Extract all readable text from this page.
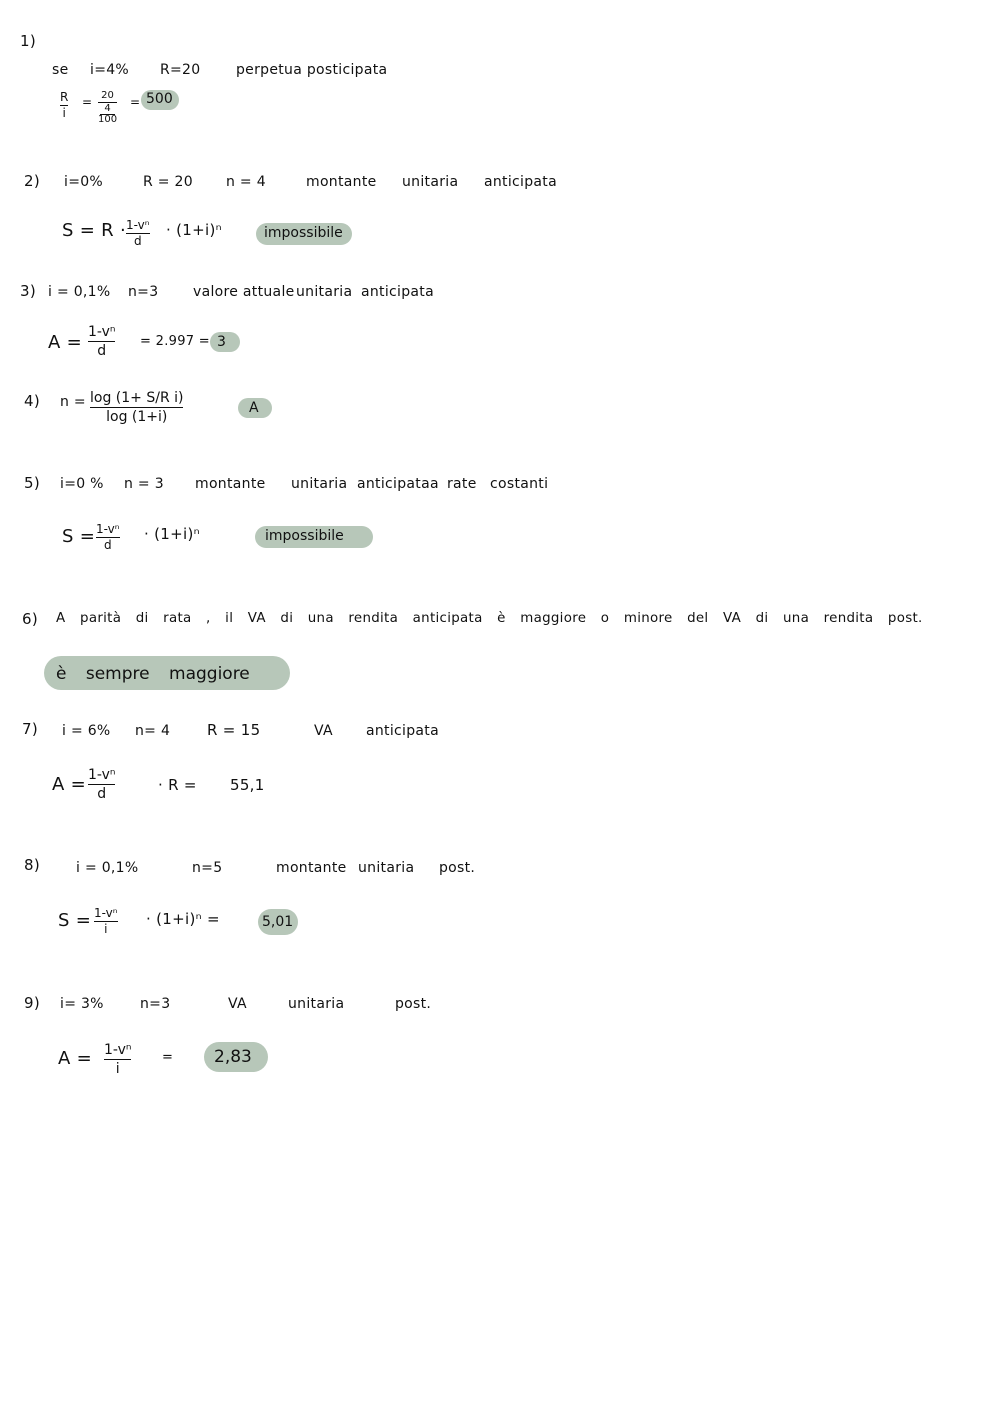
1)
se i=4% R=20	perpetua posticipata
R
i
= 20
4
100
= 500
2) i=0%	R = 20 n = 4	montante unitaria anticipata
S = R · 1-vⁿ
d
· (1+i)ⁿ	impossibile
3) i = 0,1% n=3 valore attuale unitaria anticipata
A = 1-vⁿ
d
= 2.997 = 3
4) n = log (1+ S/R i)
log (1+i)
A
5) i=0 % n = 3 montante unitaria anticipata a rate costanti
S = 1-vⁿ
d
· (1+i)ⁿ	impossibile
6) A parità di rata , il VA di una rendita anticipata è maggiore o minore del VA di una rendita post.
è sempre maggiore
7) i = 6% n= 4 R = 15	VA anticipata
A = 1-vⁿ
d	· R = 55,1
8)	i = 0,1%	n=5	montante unitaria post.
S = 1-vⁿ
i
· (1+i)ⁿ =	5,01
9) i= 3%	n=3	VA	unitaria	post.
A = 1-vⁿ
i
= 2,83
